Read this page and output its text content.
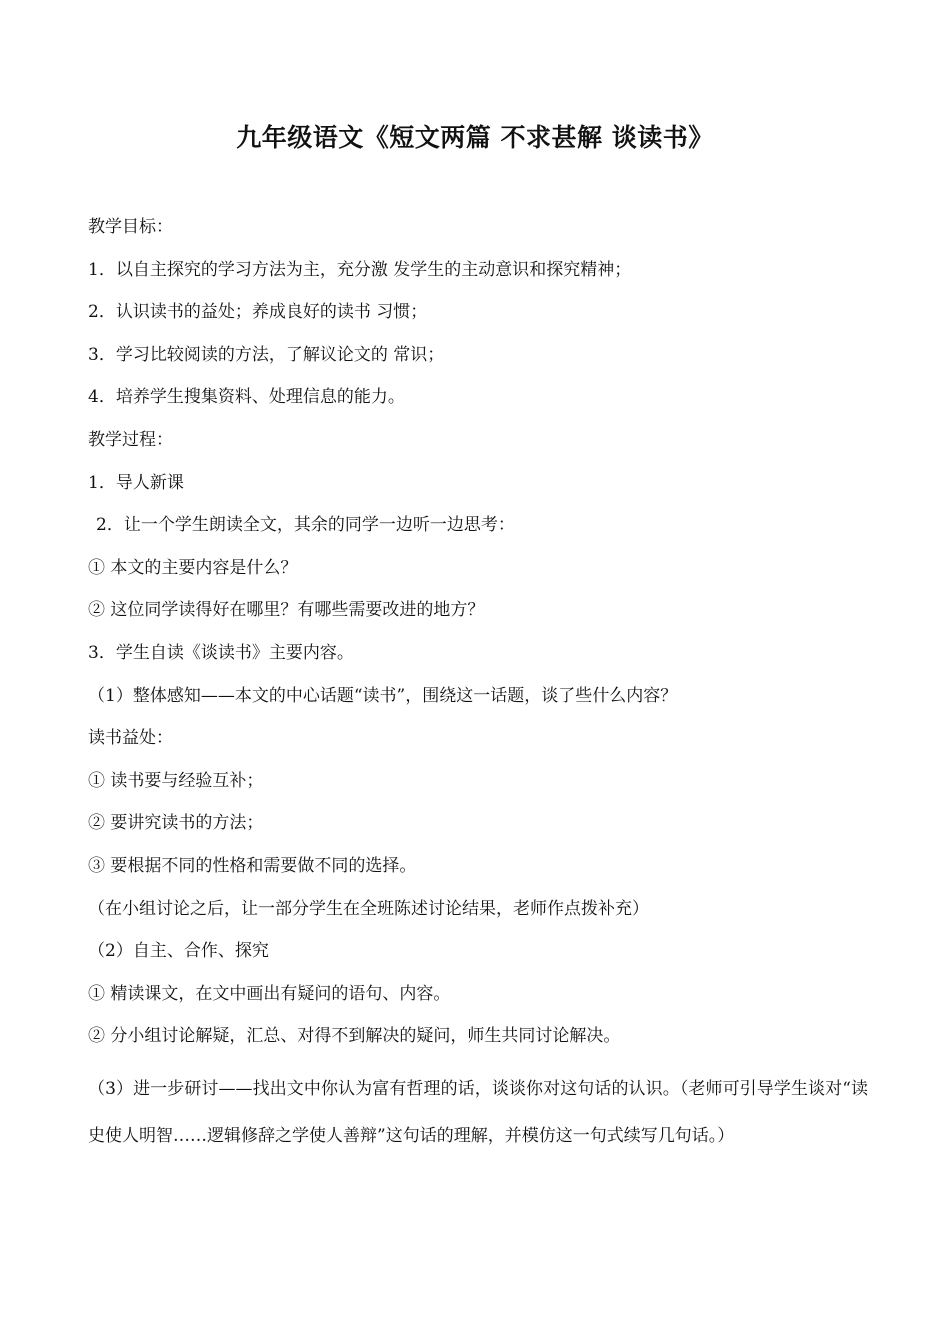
九年级语文《短文两篇 不求甚解 谈读书》
教学目标：
1．以自主探究的学习方法为主，充分激 发学生的主动意识和探究精神；
2．认识读书的益处；养成良好的读书 习惯；
3．学习比较阅读的方法，了解议论文的 常识；
4．培养学生搜集资料、处理信息的能力。
教学过程：
1．导人新课
2．让一个学生朗读全文，其余的同学一边听一边思考：
① 本文的主要内容是什么？
② 这位同学读得好在哪里？有哪些需要改进的地方？
3．学生自读《谈读书》主要内容。
（1）整体感知——本文的中心话题“读书”，围绕这一话题，谈了些什么内容？
读书益处：
① 读书要与经验互补；
② 要讲究读书的方法；
③ 要根据不同的性格和需要做不同的选择。
（在小组讨论之后，让一部分学生在全班陈述讨论结果，老师作点拨补充）
（2）自主、合作、探究
① 精读课文，在文中画出有疑问的语句、内容。
② 分小组讨论解疑，汇总、对得不到解决的疑问，师生共同讨论解决。
（3）进一步研讨——找出文中你认为富有哲理的话，谈谈你对这句话的认识。（老师可引导学生谈对“读史使人明智……逻辑修辞之学使人善辩”这句话的理解，并模仿这一句式续写几句话。）
